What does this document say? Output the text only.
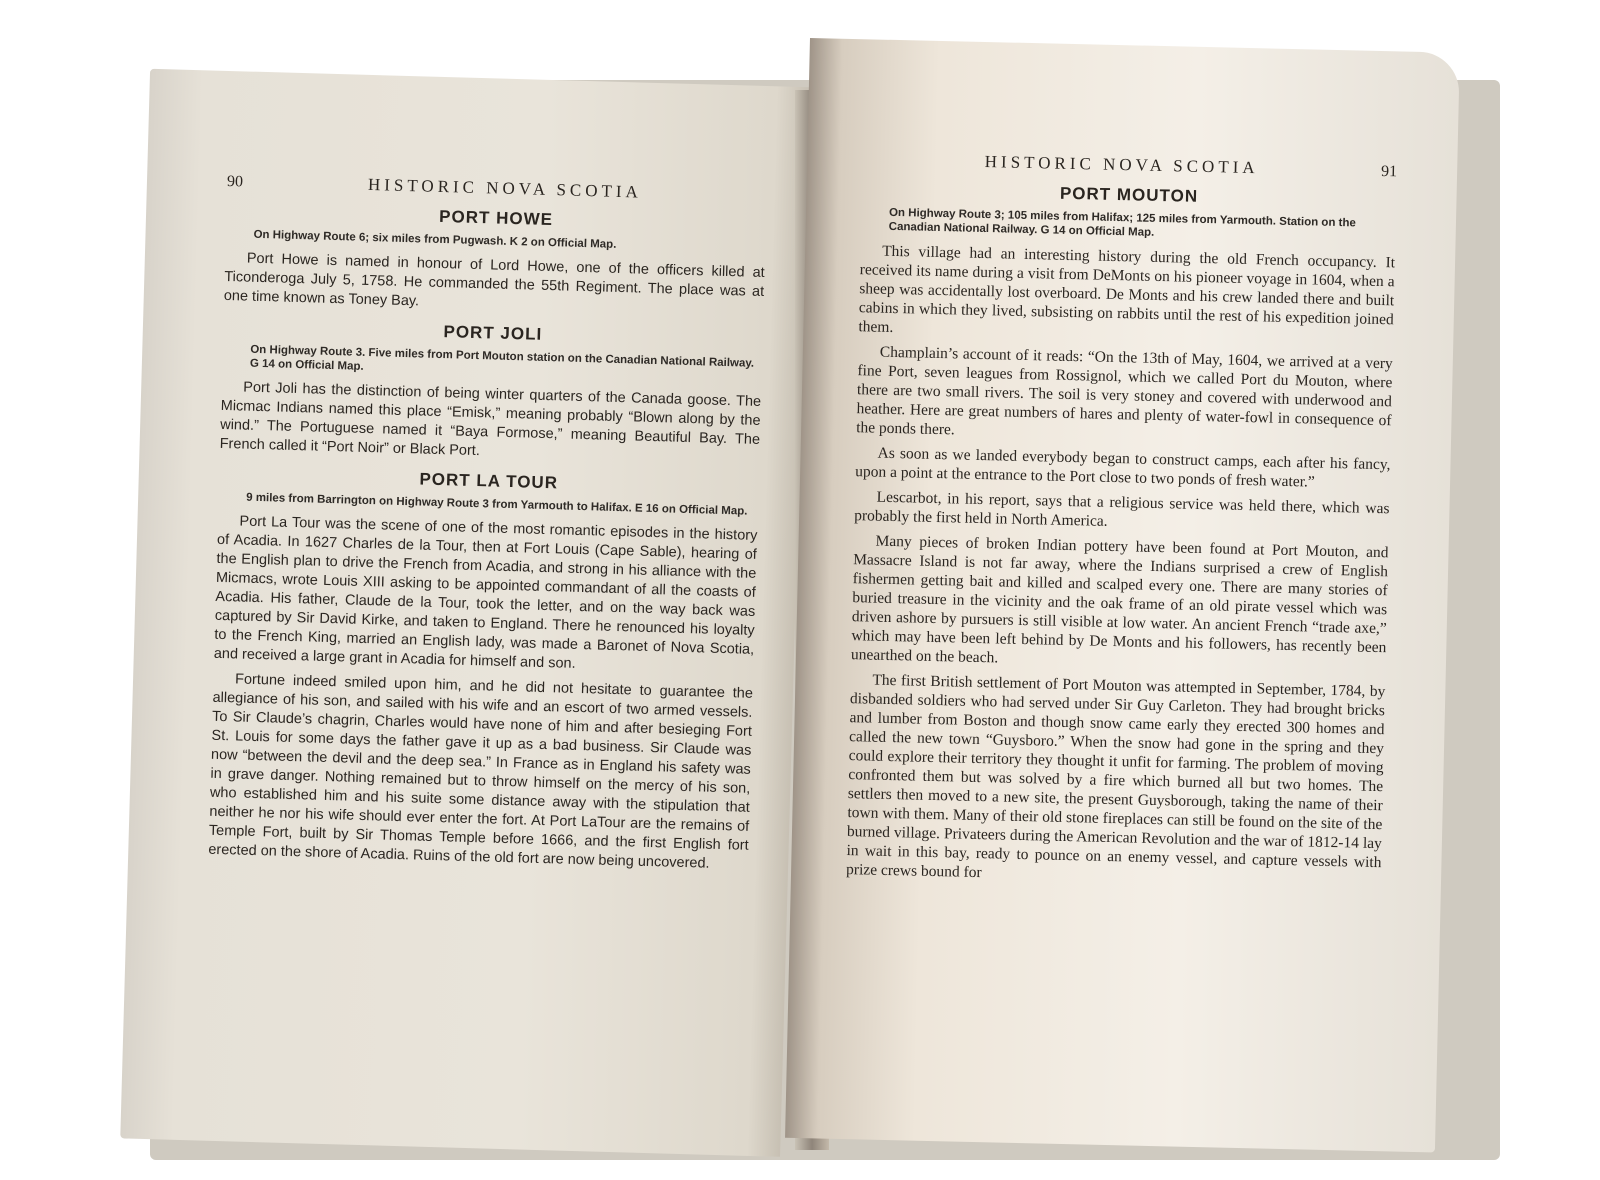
90	HISTORIC NOVA SCOTIA
PORT HOWE
On Highway Route 6; six miles from Pugwash. K 2 on Official Map.

Port Howe is named in honour of Lord Howe, one of the officers killed at Ticonderoga July 5, 1758. He commanded the 55th Regiment. The place was at one time known as Toney Bay.

PORT JOLI
On Highway Route 3. Five miles from Port Mouton station on the Canadian National Railway. G 14 on Official Map.

Port Joli has the distinction of being winter quarters of the Canada goose. The Micmac Indians named this place “Emisk,” meaning probably “Blown along by the wind.” The Portuguese named it “Baya Formose,” meaning Beautiful Bay. The French called it “Port Noir” or Black Port.

PORT LA TOUR
9 miles from Barrington on Highway Route 3 from Yarmouth to Halifax. E 16 on Official Map.

Port La Tour was the scene of one of the most romantic episodes in the history of Acadia. In 1627 Charles de la Tour, then at Fort Louis (Cape Sable), hearing of the English plan to drive the French from Acadia, and strong in his alliance with the Micmacs, wrote Louis XIII asking to be appointed commandant of all the coasts of Acadia. His father, Claude de la Tour, took the letter, and on the way back was captured by Sir David Kirke, and taken to England. There he renounced his loyalty to the French King, married an English lady, was made a Baronet of Nova Scotia, and received a large grant in Acadia for himself and son.

Fortune indeed smiled upon him, and he did not hesitate to guarantee the allegiance of his son, and sailed with his wife and an escort of two armed vessels. To Sir Claude’s chagrin, Charles would have none of him and after besieging Fort St. Louis for some days the father gave it up as a bad business. Sir Claude was now “between the devil and the deep sea.” In France as in England his safety was in grave danger. Nothing remained but to throw himself on the mercy of his son, who established him and his suite some distance away with the stipulation that neither he nor his wife should ever enter the fort. At Port LaTour are the remains of Temple Fort, built by Sir Thomas Temple before 1666, and the first English fort erected on the shore of Acadia. Ruins of the old fort are now being uncovered.

HISTORIC NOVA SCOTIA	91
PORT MOUTON
On Highway Route 3; 105 miles from Halifax; 125 miles from Yarmouth. Station on the Canadian National Railway. G 14 on Official Map.

This village had an interesting history during the old French occupancy. It received its name during a visit from DeMonts on his pioneer voyage in 1604, when a sheep was accidentally lost overboard. De Monts and his crew landed there and built cabins in which they lived, subsisting on rabbits until the rest of his expedition joined them.

Champlain’s account of it reads: “On the 13th of May, 1604, we arrived at a very fine Port, seven leagues from Rossignol, which we called Port du Mouton, where there are two small rivers. The soil is very stoney and covered with underwood and heather. Here are great numbers of hares and plenty of water-fowl in consequence of the ponds there.

As soon as we landed everybody began to construct camps, each after his fancy, upon a point at the entrance to the Port close to two ponds of fresh water.”

Lescarbot, in his report, says that a religious service was held there, which was probably the first held in North America.

Many pieces of broken Indian pottery have been found at Port Mouton, and Massacre Island is not far away, where the Indians surprised a crew of English fishermen getting bait and killed and scalped every one. There are many stories of buried treasure in the vicinity and the oak frame of an old pirate vessel which was driven ashore by pursuers is still visible at low water. An ancient French “trade axe,” which may have been left behind by De Monts and his followers, has recently been unearthed on the beach.

The first British settlement of Port Mouton was attempted in September, 1784, by disbanded soldiers who had served under Sir Guy Carleton. They had brought bricks and lumber from Boston and though snow came early they erected 300 homes and called the new town “Guysboro.” When the snow had gone in the spring and they could explore their territory they thought it unfit for farming. The problem of moving confronted them but was solved by a fire which burned all but two homes. The settlers then moved to a new site, the present Guysborough, taking the name of their town with them. Many of their old stone fireplaces can still be found on the site of the burned village. Privateers during the American Revolution and the war of 1812-14 lay in wait in this bay, ready to pounce on an enemy vessel, and capture vessels with prize crews bound for
